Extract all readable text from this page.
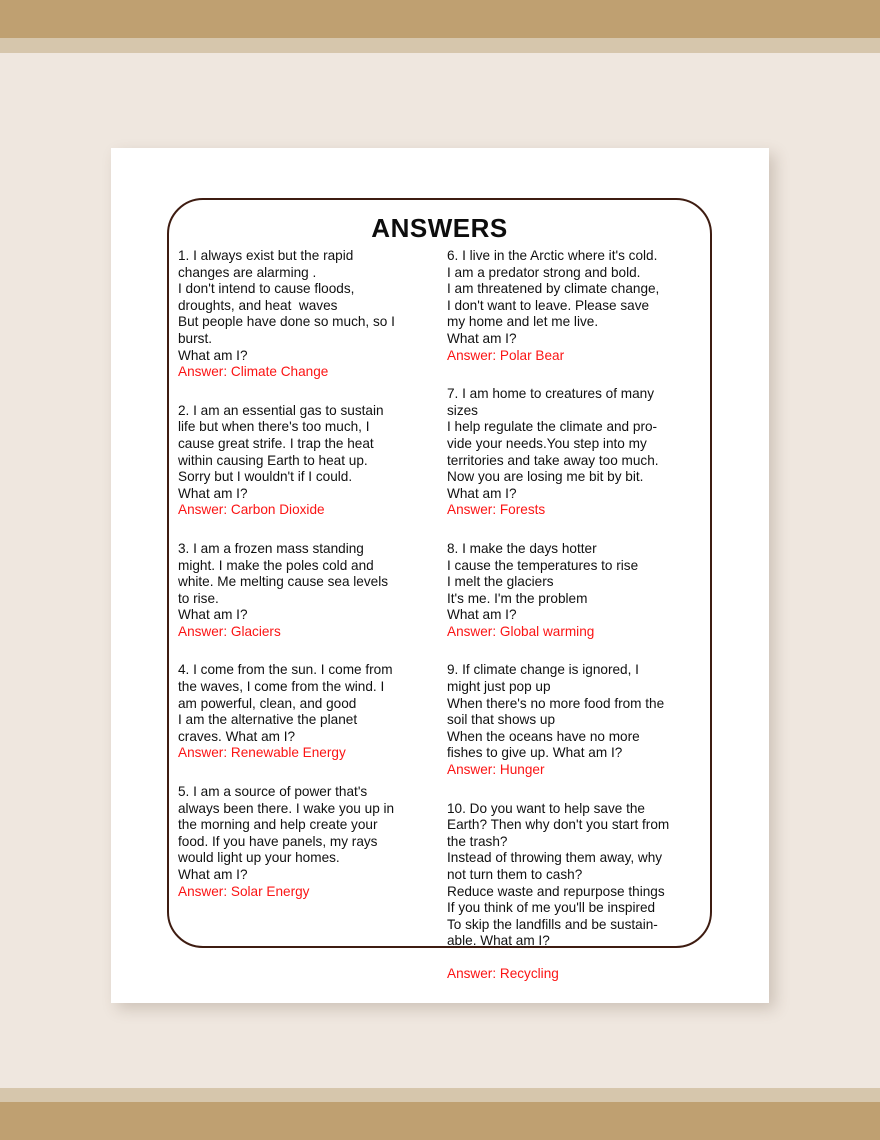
ANSWERS
1. I always exist but the rapid
changes are alarming .
I don't intend to cause floods,
droughts, and heat  waves
But people have done so much, so I
burst.
What am I?
Answer: Climate Change
2. I am an essential gas to sustain
life but when there's too much, I
cause great strife. I trap the heat
within causing Earth to heat up.
Sorry but I wouldn't if I could.
What am I?
Answer: Carbon Dioxide
3. I am a frozen mass standing
might. I make the poles cold and
white. Me melting cause sea levels
to rise.
What am I?
Answer: Glaciers
4. I come from the sun. I come from
the waves, I come from the wind. I
am powerful, clean, and good
I am the alternative the planet
craves. What am I?
Answer: Renewable Energy
5. I am a source of power that's
always been there. I wake you up in
the morning and help create your
food. If you have panels, my rays
would light up your homes.
What am I?
Answer: Solar Energy
6. I live in the Arctic where it's cold.
I am a predator strong and bold.
I am threatened by climate change,
I don't want to leave. Please save
my home and let me live.
What am I?
Answer: Polar Bear
7. I am home to creatures of many
sizes
I help regulate the climate and pro-
vide your needs.You step into my
territories and take away too much.
Now you are losing me bit by bit.
What am I?
Answer: Forests
8. I make the days hotter
I cause the temperatures to rise
I melt the glaciers
It's me. I'm the problem
What am I?
Answer: Global warming
9. If climate change is ignored, I
might just pop up
When there's no more food from the
soil that shows up
When the oceans have no more
fishes to give up. What am I?
Answer: Hunger
10. Do you want to help save the
Earth? Then why don't you start from
the trash?
Instead of throwing them away, why
not turn them to cash?
Reduce waste and repurpose things
If you think of me you'll be inspired
To skip the landfills and be sustain-
able. What am I?
Answer: Recycling
